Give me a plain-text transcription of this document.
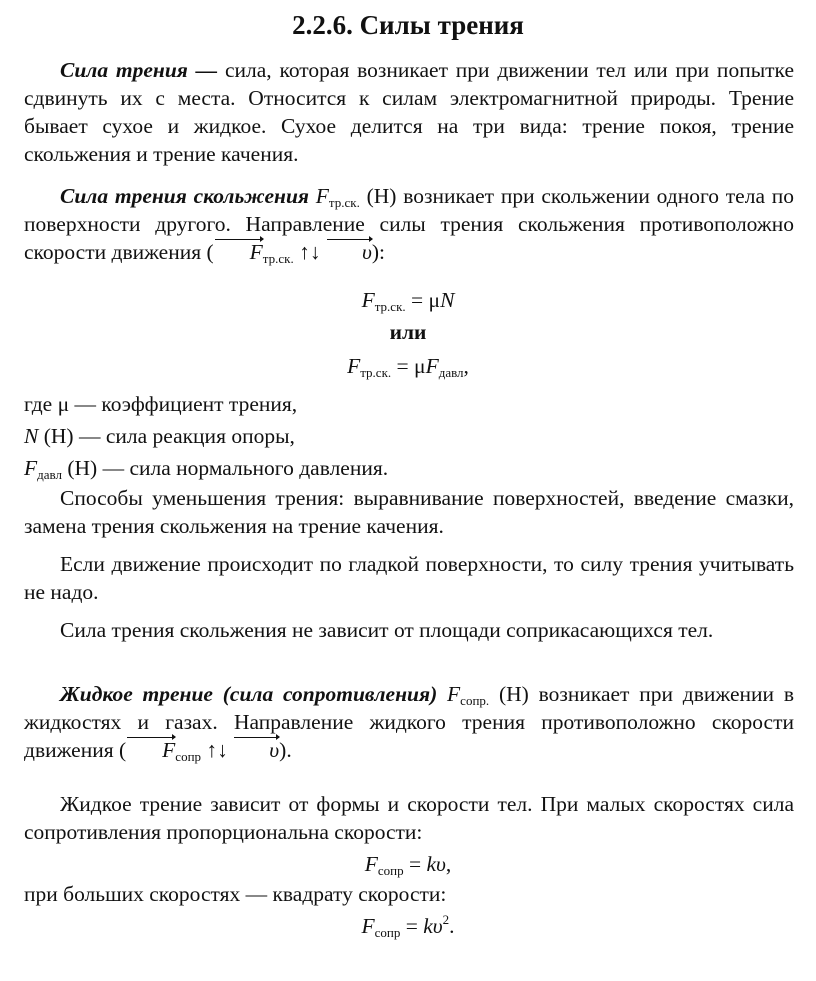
2.2.6. Силы трения

Сила трения — сила, которая возникает при движении тел или при попытке сдвинуть их с места. Относится к силам электромагнитной природы. Трение бывает сухое и жидкое. Сухое делится на три вида: трение покоя, трение скольжения и трение качения.

Сила трения скольжения $F_{тр.ск.}$ (Н) возникает при скольжении одного тела по поверхности другого. Направление силы трения скольжения противоположно скорости движения ( $F_{тр.ск.}$ ↑↓ υ):

$F_{тр.ск.} = \mu N$
или
$F_{тр.ск.} = \mu F_{давл}$,
где μ — коэффициент трения,
N (Н) — сила реакция опоры,
$F_{давл}$ (Н) — сила нормального давления.

Способы уменьшения трения: выравнивание поверхностей, введение смазки, замена трения скольжения на трение качения.

Если движение происходит по гладкой поверхности, то силу трения учитывать не надо.

Сила трения скольжения не зависит от площади соприкасающихся тел.

Жидкое трение (сила сопротивления) $F_{сопр.}$ (Н) возникает при движении в жидкостях и газах. Направление жидкого трения противоположно скорости движения ( $F_{сопр}$ ↑↓ υ).

Жидкое трение зависит от формы и скорости тел. При малых скоростях сила сопротивления пропорциональна скорости:

$F_{сопр} = k\upsilon$,
при больших скоростях — квадрату скорости:
$F_{сопр} = k\upsilon^2$.
